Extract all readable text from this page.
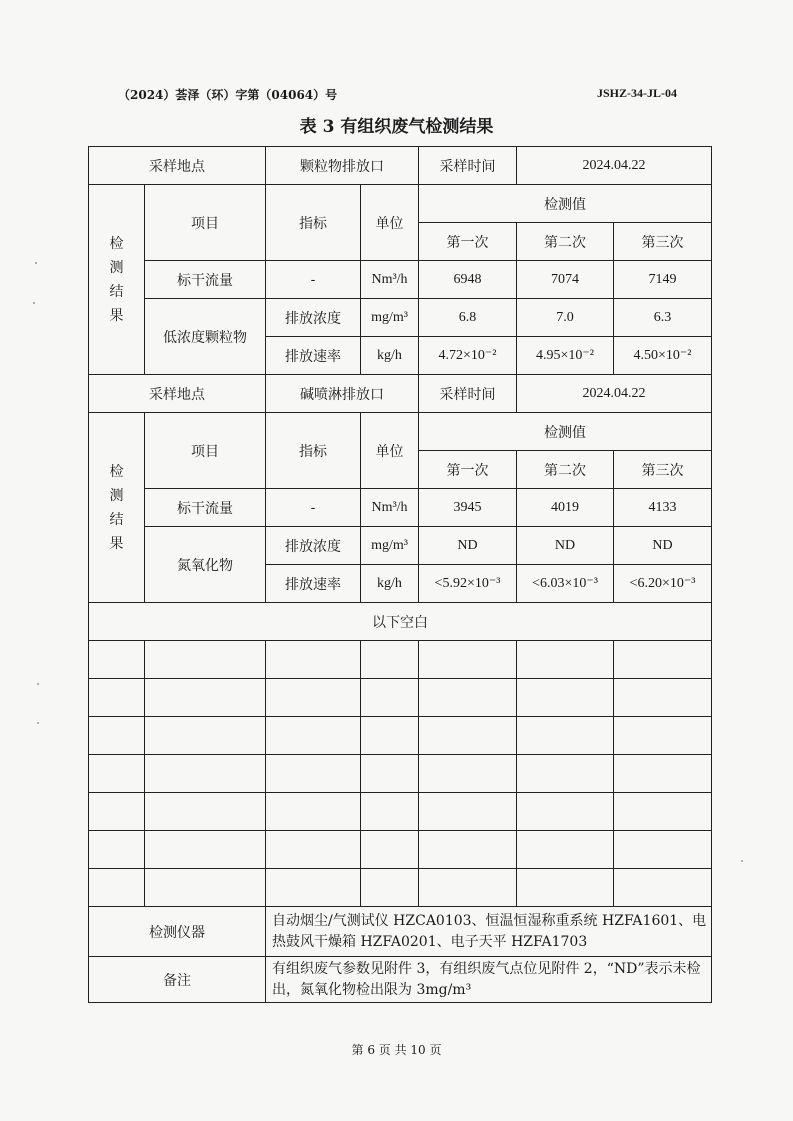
（2024）荟泽（环）字第（04064）号	JSHZ-34-JL-04
表 3 有组织废气检测结果
采样地点		颗粒物排放口		采样时间	2024.04.22	

检
测
结
果	项目	指标	单位	检测值		
				第一次	第二次	第三次
	标干流量	-	Nm³/h	6948	7074	7149
	低浓度颗粒物	排放浓度	mg/m³	6.8	7.0	6.3
		排放速率	kg/h	4.72×10⁻²	4.95×10⁻²	4.50×10⁻²
采样地点		碱喷淋排放口		采样时间	2024.04.22	

检
测
结
果	项目	指标	单位	检测值		
				第一次	第二次	第三次
	标干流量	-	Nm³/h	3945	4019	4133
	氮氧化物	排放浓度	mg/m³	ND	ND	ND
		排放速率	kg/h	<5.92×10⁻³	<6.03×10⁻³	<6.20×10⁻³
以下空白						

检测仪器		自动烟尘/气测试仪 HZCA0103、恒温恒湿称重系统 HZFA1601、电热鼓风干燥箱 HZFA0201、电子天平 HZFA1703				
备注		有组织废气参数见附件 3，有组织废气点位见附件 2，“ND”表示未检出，氮氧化物检出限为 3mg/m³				
第 6 页 共 10 页
